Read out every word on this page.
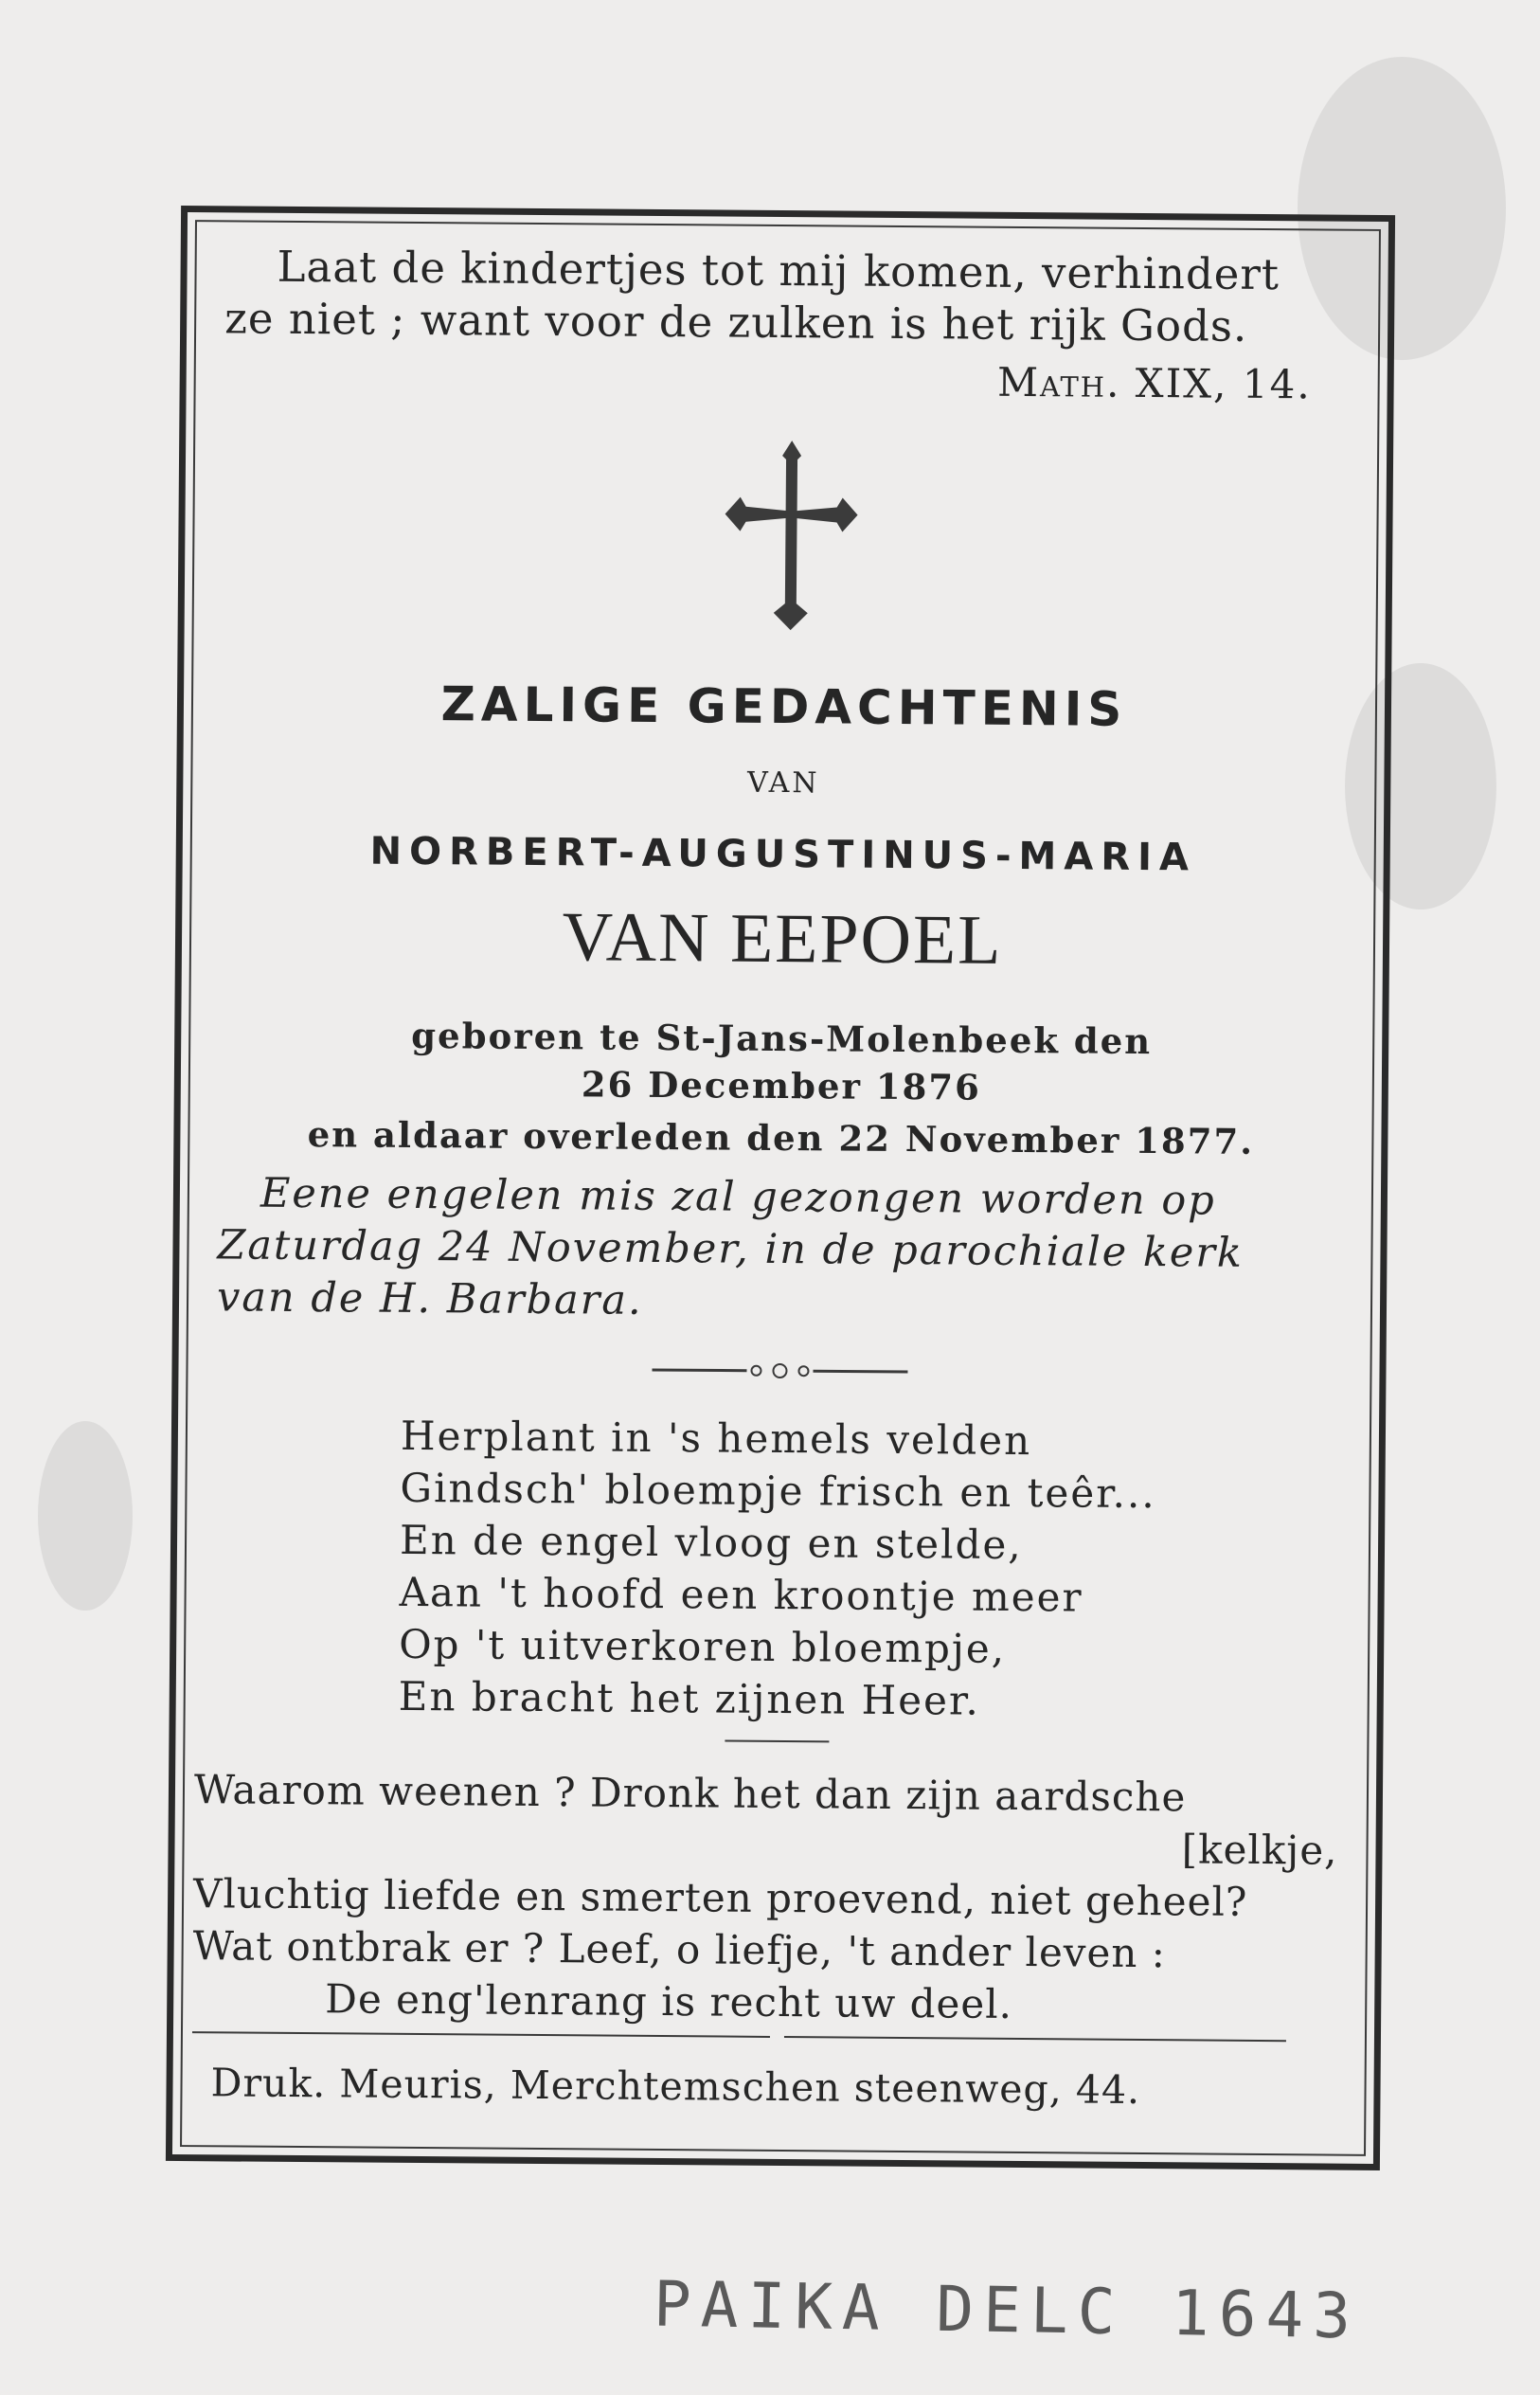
Laat de kindertjes tot mij komen, verhindert
ze niet ; want voor de zulken is het rijk Gods.
Math. XIX, 14.
ZALIGE GEDACHTENIS
VAN
NORBERT-AUGUSTINUS-MARIA
VAN EEPOEL
geboren te St-Jans-Molenbeek den
26 December 1876
en aldaar overleden den 22 November 1877.
Eene engelen mis zal gezongen worden op
Zaturdag 24 November, in de parochiale kerk
van de H. Barbara.
Herplant in 's hemels velden
Gindsch' bloempje frisch en teêr...
En de engel vloog en stelde,
Aan 't hoofd een kroontje meer
Op 't uitverkoren bloempje,
En bracht het zijnen Heer.
Waarom weenen ? Dronk het dan zijn aardsche
[kelkje,
Vluchtig liefde en smerten proevend, niet geheel?
Wat ontbrak er ? Leef, o liefje, 't ander leven :
De eng'lenrang is recht uw deel.
Druk. Meuris, Merchtemschen steenweg, 44.
PAIKA DELC 1643
